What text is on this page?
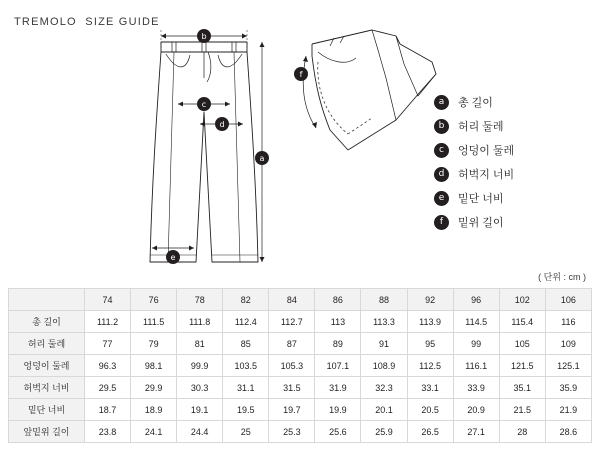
TREMOLO  SIZE GUIDE
b
c
d
a
e
f
a	총 길이
b	허리 둘레
c	엉덩이 둘레
d	허벅지 너비
e	밑단 너비
f	밑위 길이
( 단위 : cm )
	74	76	78	82	84	86	88	92	96	102	106
총 길이	111.2	111.5	111.8	112.4	112.7	113	113.3	113.9	114.5	115.4	116
허리 둘레	77	79	81	85	87	89	91	95	99	105	109
엉덩이 둘레	96.3	98.1	99.9	103.5	105.3	107.1	108.9	112.5	116.1	121.5	125.1
허벅지 너비	29.5	29.9	30.3	31.1	31.5	31.9	32.3	33.1	33.9	35.1	35.9
밑단 너비	18.7	18.9	19.1	19.5	19.7	19.9	20.1	20.5	20.9	21.5	21.9
앞밑위 길이	23.8	24.1	24.4	25	25.3	25.6	25.9	26.5	27.1	28	28.6
